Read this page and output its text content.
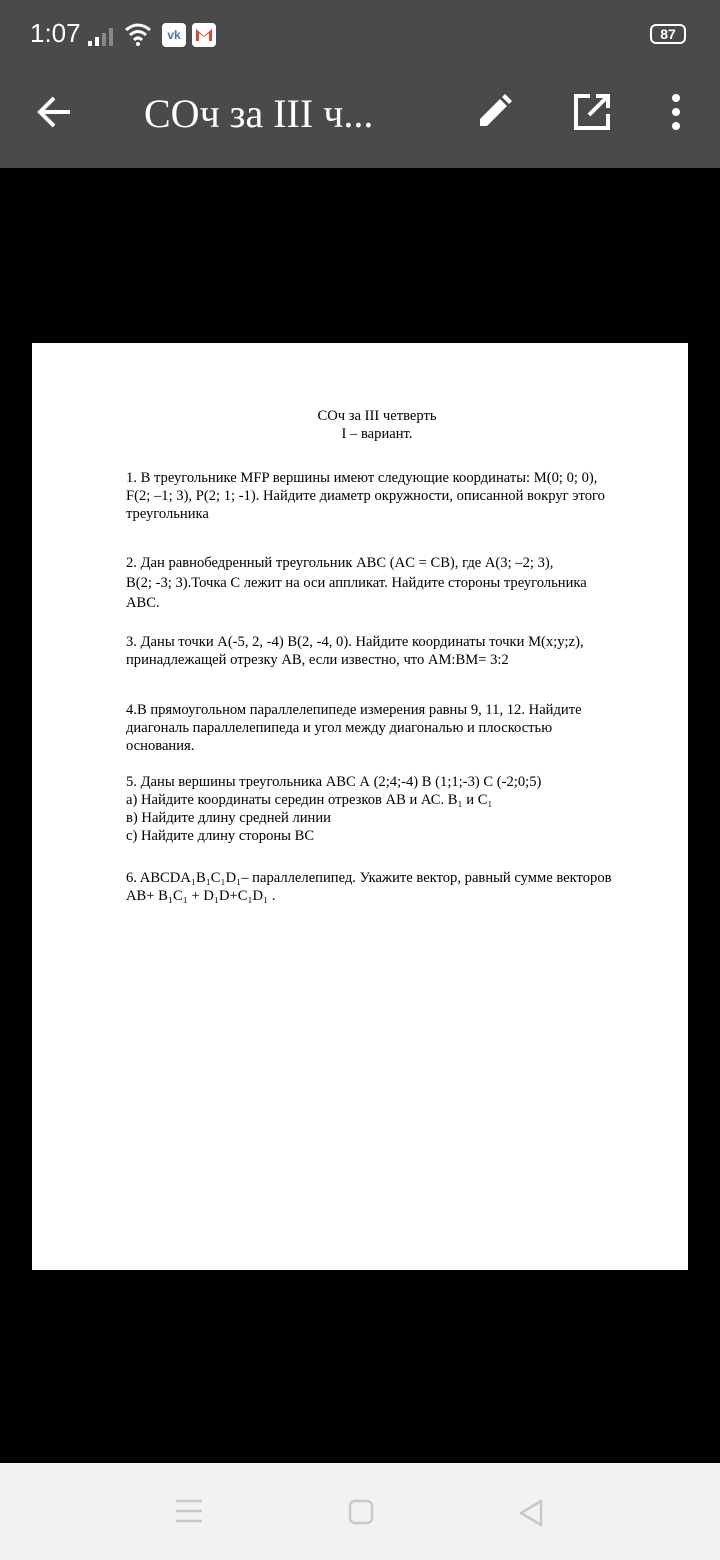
1:07	vk	87
СОч за III ч...
СОч за III четверть
I – вариант.

1. В треугольнике MFP вершины имеют следующие координаты: M(0; 0; 0),

F(2; –1; 3), P(2; 1; -1). Найдите диаметр окружности, описанной вокруг этого

треугольника

2. Дан равнобедренный треугольник ABC (AC = CB), где A(3; –2; 3),

B(2; -3; 3).Точка C лежит на оси аппликат. Найдите стороны треугольника

ABC.

3. Даны точки A(-5, 2, -4) B(2, -4, 0). Найдите координаты точки M(x;y;z),

принадлежащей отрезку AB, если известно, что AM:BM= 3:2

4.В прямоугольном параллелепипеде измерения равны 9, 11, 12. Найдите

диагональ параллелепипеда и угол между диагональю и плоскостью

основания.

5. Даны вершины треугольника АВС А (2;4;-4) В (1;1;-3) С (-2;0;5)

а) Найдите координаты середин отрезков АВ и АС. В₁ и С₁

в) Найдите длину средней линии

с) Найдите длину стороны ВС

6. ABCDA₁B₁C₁D₁– параллелепипед. Укажите вектор, равный сумме векторов

AB+ B₁C₁ + D₁D+C₁D₁ .
